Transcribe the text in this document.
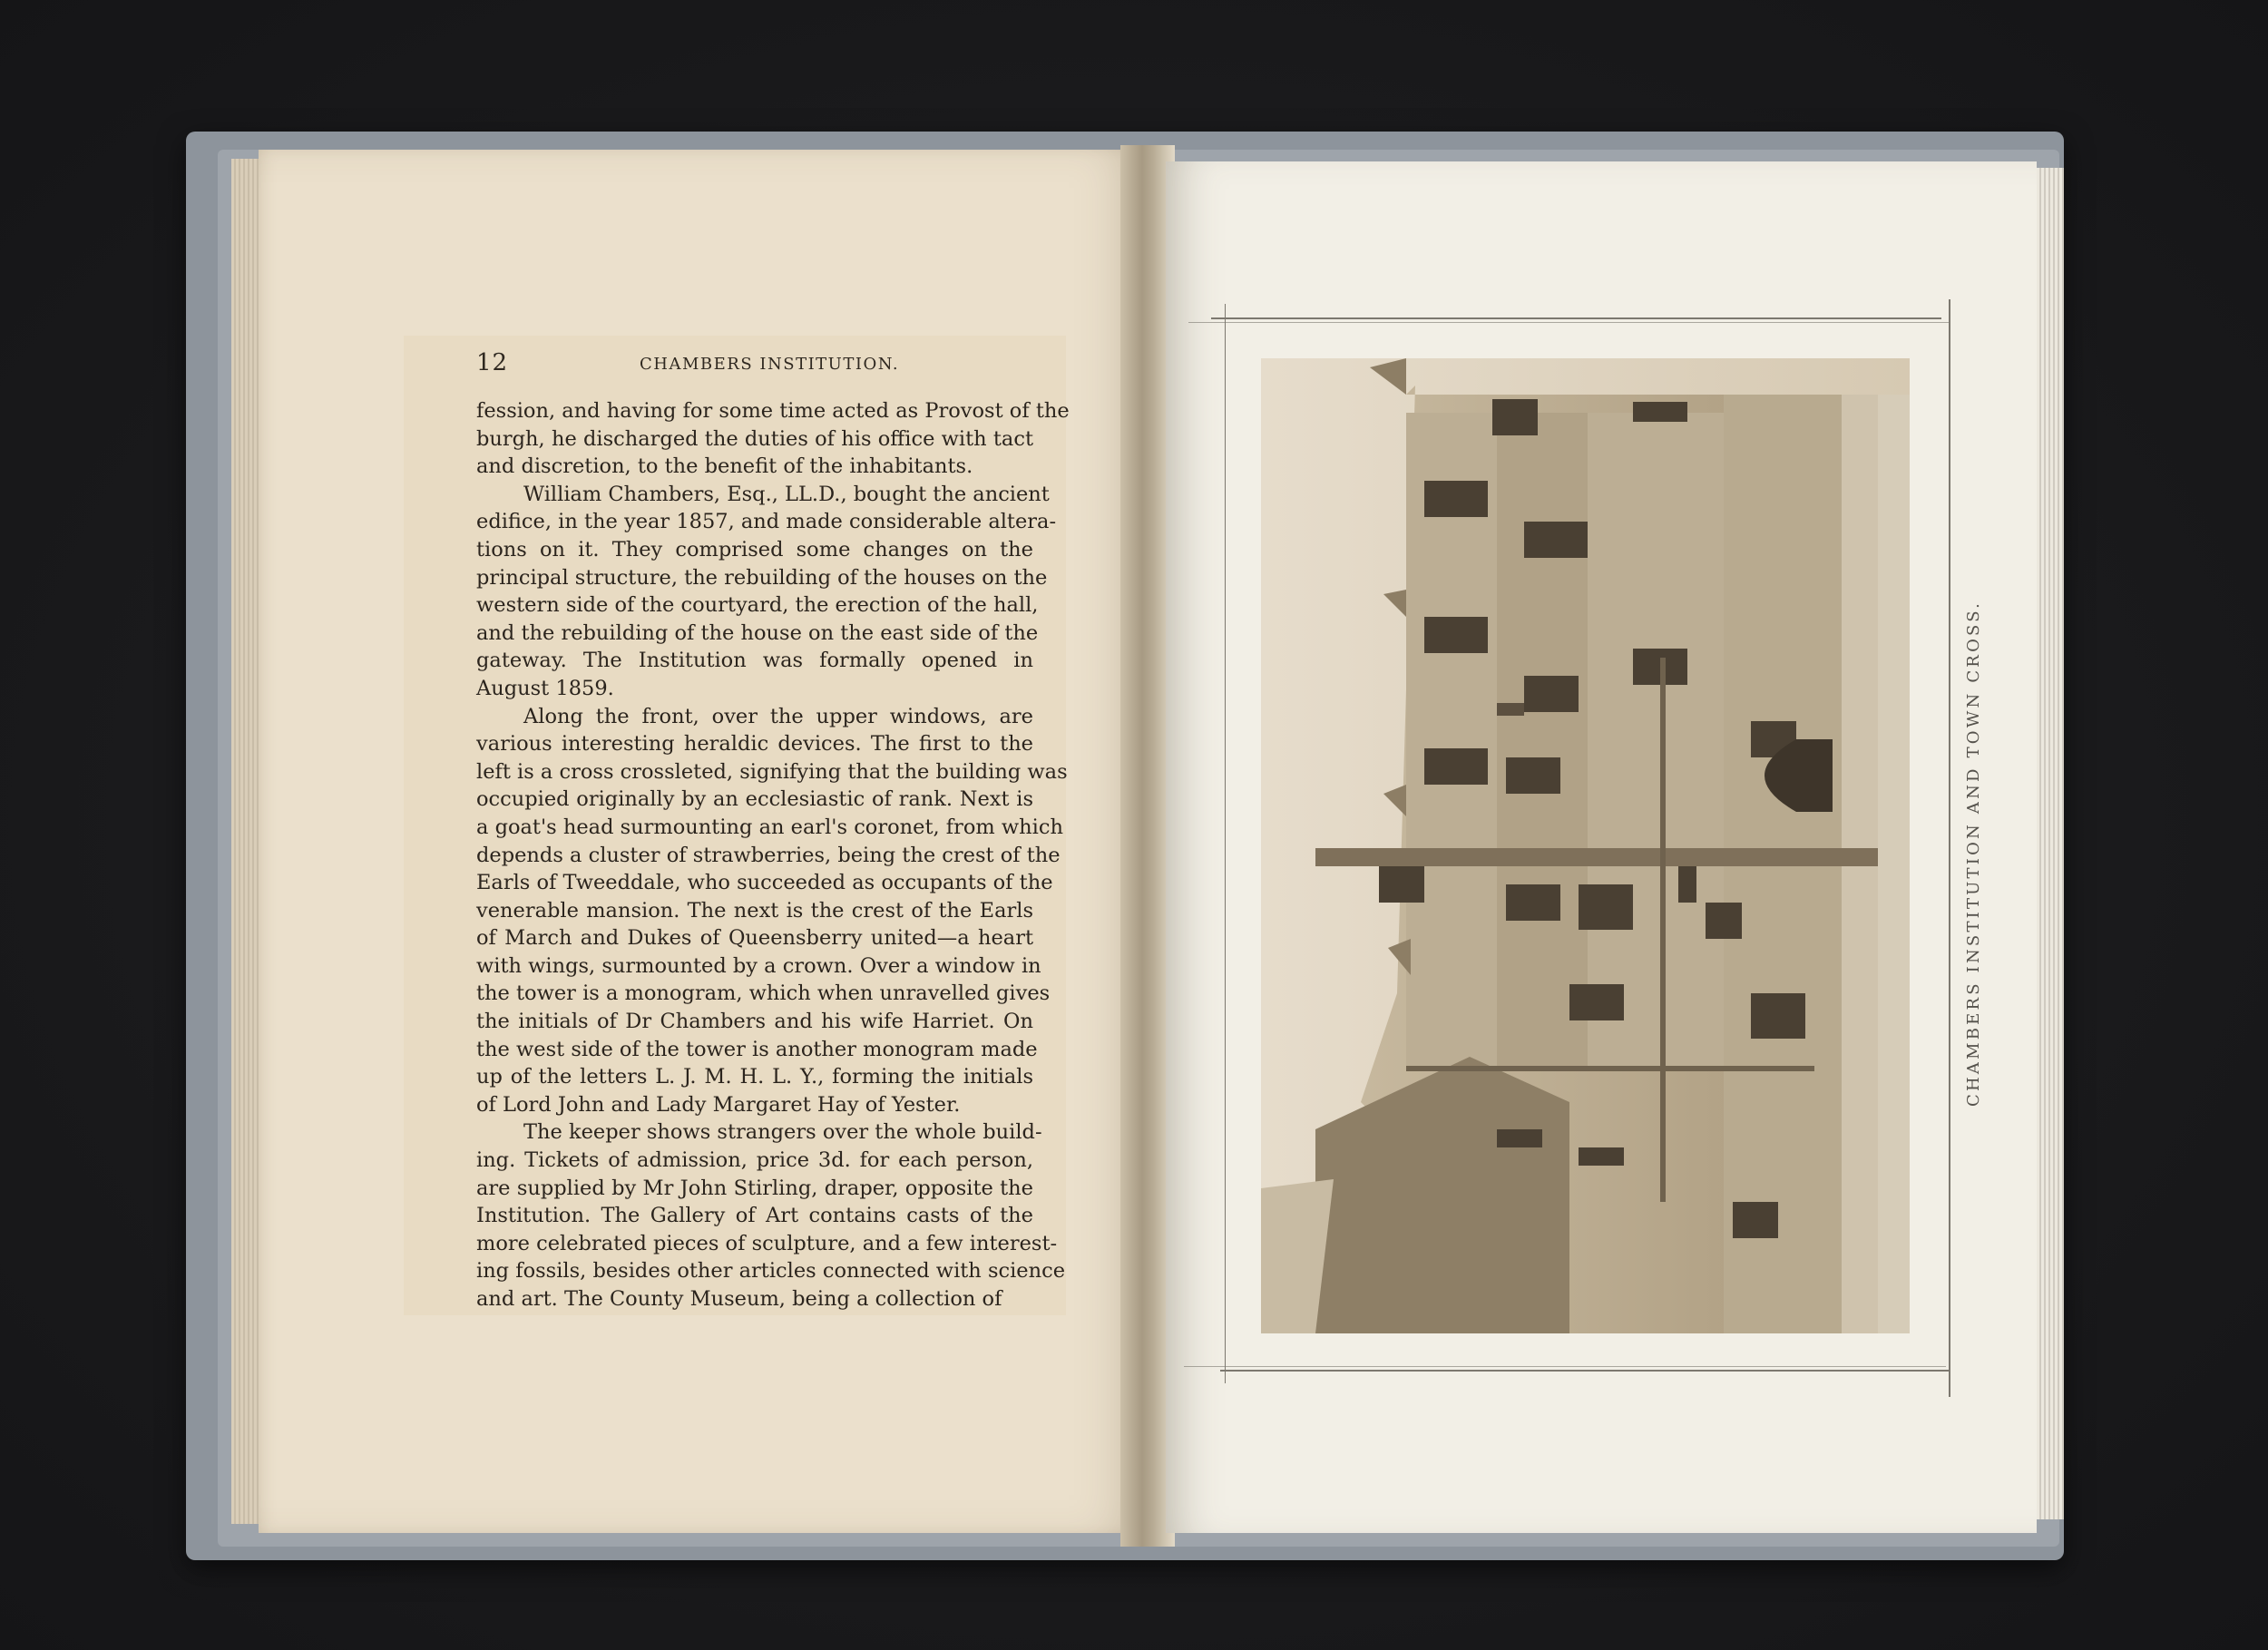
12	CHAMBERS INSTITUTION.
fession, and having for some time acted as Provost of the
burgh, he discharged the duties of his office with tact
and discretion, to the benefit of the inhabitants.
William Chambers, Esq., LL.D., bought the ancient
edifice, in the year 1857, and made considerable altera-
tions on it. They comprised some changes on the
principal structure, the rebuilding of the houses on the
western side of the courtyard, the erection of the hall,
and the rebuilding of the house on the east side of the
gateway. The Institution was formally opened in
August 1859.
Along the front, over the upper windows, are
various interesting heraldic devices. The first to the
left is a cross crossleted, signifying that the building was
occupied originally by an ecclesiastic of rank. Next is
a goat's head surmounting an earl's coronet, from which
depends a cluster of strawberries, being the crest of the
Earls of Tweeddale, who succeeded as occupants of the
venerable mansion. The next is the crest of the Earls
of March and Dukes of Queensberry united—a heart
with wings, surmounted by a crown. Over a window in
the tower is a monogram, which when unravelled gives
the initials of Dr Chambers and his wife Harriet. On
the west side of the tower is another monogram made
up of the letters L. J. M. H. L. Y., forming the initials
of Lord John and Lady Margaret Hay of Yester.
The keeper shows strangers over the whole build-
ing. Tickets of admission, price 3d. for each person,
are supplied by Mr John Stirling, draper, opposite the
Institution. The Gallery of Art contains casts of the
more celebrated pieces of sculpture, and a few interest-
ing fossils, besides other articles connected with science
and art. The County Museum, being a collection of
CHAMBERS INSTITUTION AND TOWN CROSS.
